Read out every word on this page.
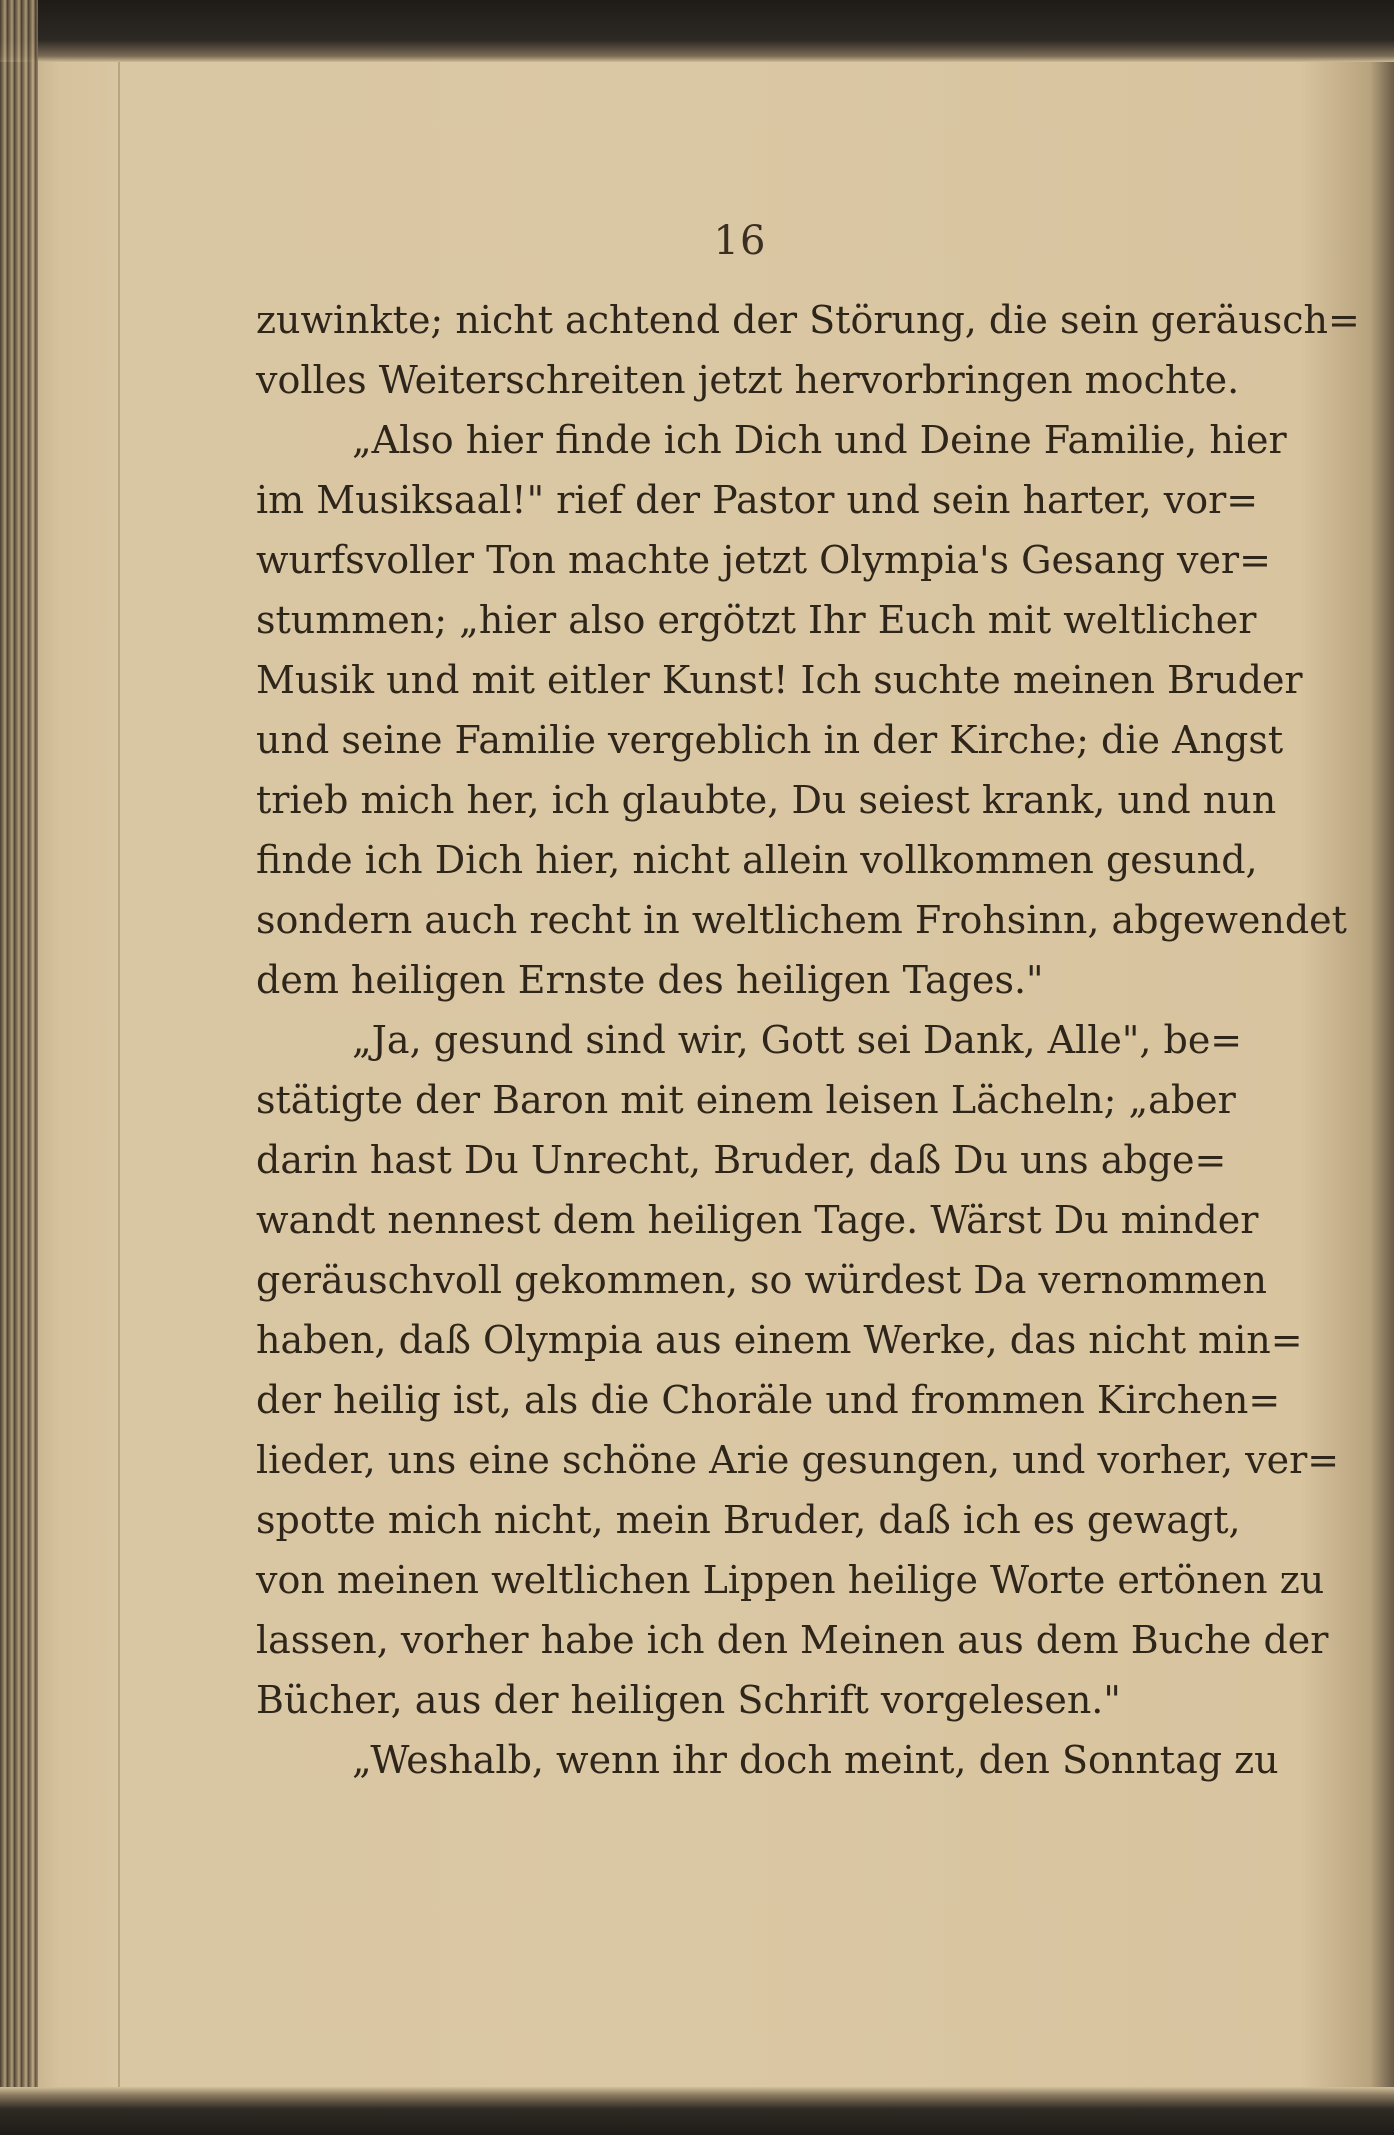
16
zuwinkte; nicht achtend der Störung, die sein geräusch=
volles Weiterschreiten jetzt hervorbringen mochte.
„Also hier finde ich Dich und Deine Familie, hier
im Musiksaal!" rief der Pastor und sein harter, vor=
wurfsvoller Ton machte jetzt Olympia's Gesang ver=
stummen; „hier also ergötzt Ihr Euch mit weltlicher
Musik und mit eitler Kunst! Ich suchte meinen Bruder
und seine Familie vergeblich in der Kirche; die Angst
trieb mich her, ich glaubte, Du seiest krank, und nun
finde ich Dich hier, nicht allein vollkommen gesund,
sondern auch recht in weltlichem Frohsinn, abgewendet
dem heiligen Ernste des heiligen Tages."
„Ja, gesund sind wir, Gott sei Dank, Alle", be=
stätigte der Baron mit einem leisen Lächeln; „aber
darin hast Du Unrecht, Bruder, daß Du uns abge=
wandt nennest dem heiligen Tage. Wärst Du minder
geräuschvoll gekommen, so würdest Da vernommen
haben, daß Olympia aus einem Werke, das nicht min=
der heilig ist, als die Choräle und frommen Kirchen=
lieder, uns eine schöne Arie gesungen, und vorher, ver=
spotte mich nicht, mein Bruder, daß ich es gewagt,
von meinen weltlichen Lippen heilige Worte ertönen zu
lassen, vorher habe ich den Meinen aus dem Buche der
Bücher, aus der heiligen Schrift vorgelesen."
„Weshalb, wenn ihr doch meint, den Sonntag zu
